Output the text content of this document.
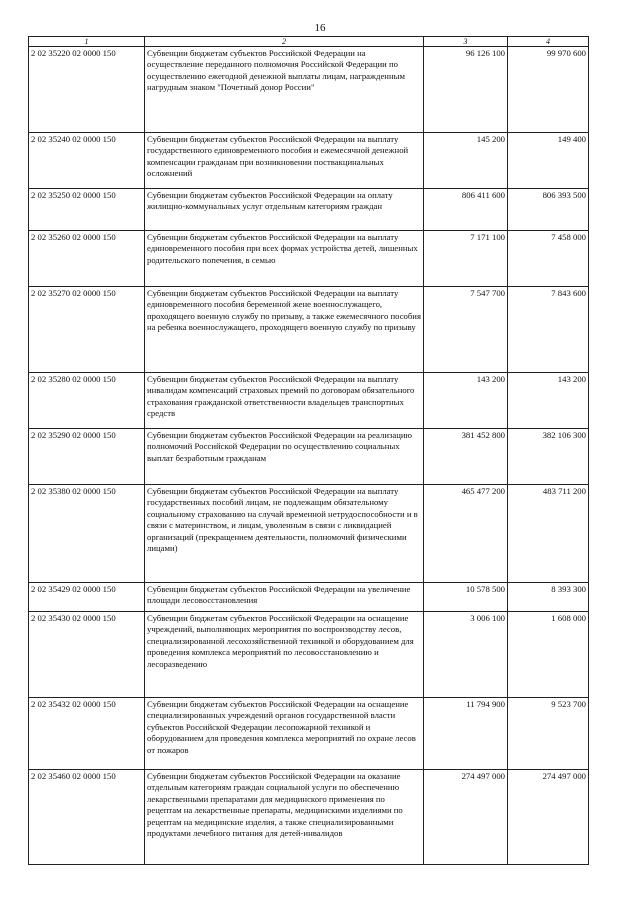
16
1	2	3	4
2 02 35220 02 0000 150	Субвенции бюджетам субъектов Российской Федерации на осуществление переданного полномочия Российской Федерации по осуществлению ежегодной денежной выплаты лицам, награжденным нагрудным знаком "Почетный донор России"	96 126 100	99 970 600
2 02 35240 02 0000 150	Субвенции бюджетам субъектов Российской Федерации на выплату государственного единовременного пособия и ежемесячной денежной компенсации гражданам при возникновении поствакцинальных осложнений	145 200	149 400
2 02 35250 02 0000 150	Субвенции бюджетам субъектов Российской Федерации на оплату жилищно-коммунальных услуг отдельным категориям граждан	806 411 600	806 393 500
2 02 35260 02 0000 150	Субвенции бюджетам субъектов Российской Федерации на выплату единовременного пособия при всех формах устройства детей, лишенных родительского попечения, в семью	7 171 100	7 458 000
2 02 35270 02 0000 150	Субвенции бюджетам субъектов Российской Федерации на выплату единовременного пособия беременной жене военнослужащего, проходящего военную службу по призыву, а также ежемесячного пособия на ребенка военнослужащего, проходящего военную службу по призыву	7 547 700	7 843 600
2 02 35280 02 0000 150	Субвенции бюджетам субъектов Российской Федерации на выплату инвалидам компенсаций страховых премий по договорам обязательного страхования гражданской ответственности владельцев транспортных средств	143 200	143 200
2 02 35290 02 0000 150	Субвенции бюджетам субъектов Российской Федерации на реализацию полномочий Российской Федерации по осуществлению социальных выплат безработным гражданам	381 452 800	382 106 300
2 02 35380 02 0000 150	Субвенции бюджетам субъектов Российской Федерации на выплату государственных пособий лицам, не подлежащим обязательному социальному страхованию на случай временной нетрудоспособности и в связи с материнством, и лицам, уволенным в связи с ликвидацией организаций (прекращением деятельности, полномочий физическими лицами)	465 477 200	483 711 200
2 02 35429 02 0000 150	Субвенции бюджетам субъектов Российской Федерации на увеличение площади лесовосстановления	10 578 500	8 393 300
2 02 35430 02 0000 150	Субвенции бюджетам субъектов Российской Федерации на оснащение учреждений, выполняющих мероприятия по воспроизводству лесов, специализированной лесохозяйственной техникой и оборудованием для проведения комплекса мероприятий по лесовосстановлению и лесоразведению	3 006 100	1 608 000
2 02 35432 02 0000 150	Субвенции бюджетам субъектов Российской Федерации на оснащение специализированных учреждений органов государственной власти субъектов Российской Федерации лесопожарной техникой и оборудованием для проведения комплекса мероприятий по охране лесов от пожаров	11 794 900	9 523 700
2 02 35460 02 0000 150	Субвенции бюджетам субъектов Российской Федерации на оказание отдельным категориям граждан социальной услуги по обеспечению лекарственными препаратами для медицинского применения по рецептам на лекарственные препараты, медицинскими изделиями по рецептам на медицинские изделия, а также специализированными продуктами лечебного питания для детей-инвалидов	274 497 000	274 497 000
